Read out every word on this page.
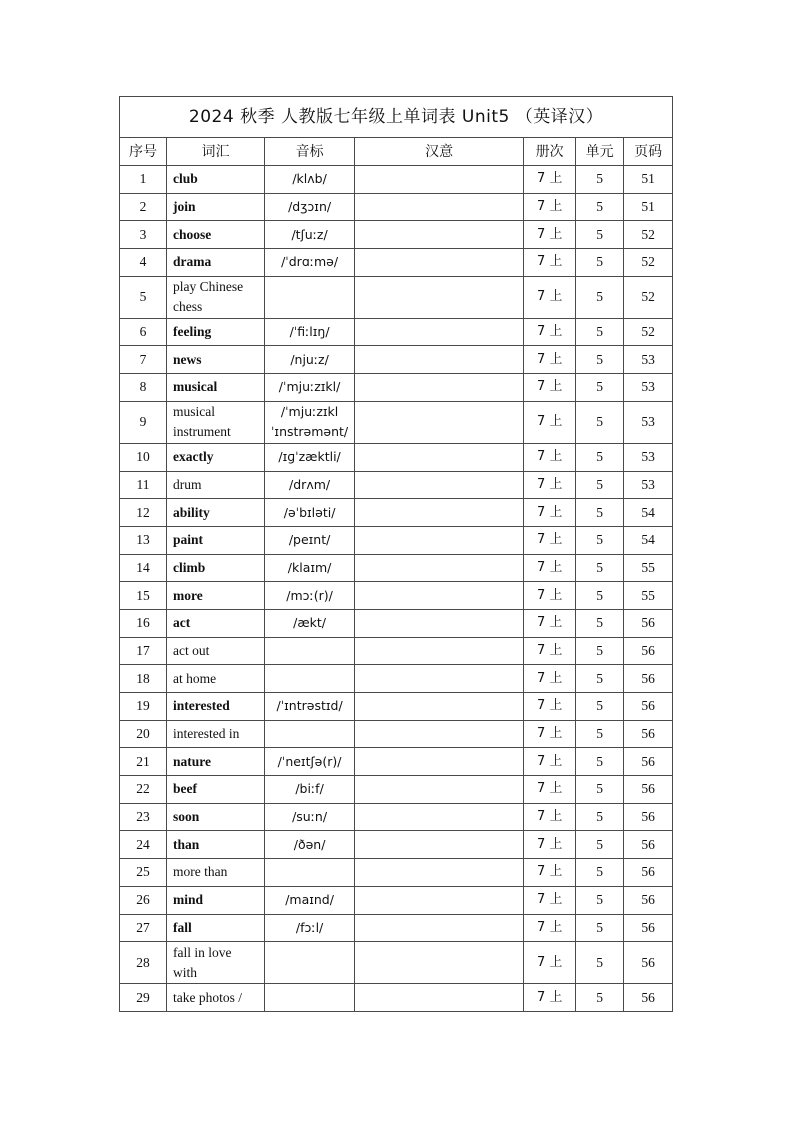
2024 秋季 人教版七年级上单词表 Unit5 （英译汉）						
序号	词汇	音标	汉意	册次	单元	页码
1	club	/klʌb/		7 上	5	51
2	join	/dʒɔɪn/		7 上	5	51
3	choose	/tʃuːz/		7 上	5	52
4	drama	/ˈdrɑːmə/		7 上	5	52
5	play Chinese chess			7 上	5	52
6	feeling	/ˈfiːlɪŋ/		7 上	5	52
7	news	/njuːz/		7 上	5	53
8	musical	/ˈmjuːzɪkl/		7 上	5	53
9	musical instrument	/ˈmjuːzɪkl ˈɪnstrəmənt/		7 上	5	53
10	exactly	/ɪɡˈzæktli/		7 上	5	53
11	drum	/drʌm/		7 上	5	53
12	ability	/əˈbɪləti/		7 上	5	54
13	paint	/peɪnt/		7 上	5	54
14	climb	/klaɪm/		7 上	5	55
15	more	/mɔː(r)/		7 上	5	55
16	act	/ækt/		7 上	5	56
17	act out			7 上	5	56
18	at home			7 上	5	56
19	interested	/ˈɪntrəstɪd/		7 上	5	56
20	interested in			7 上	5	56
21	nature	/ˈneɪtʃə(r)/		7 上	5	56
22	beef	/biːf/		7 上	5	56
23	soon	/suːn/		7 上	5	56
24	than	/ðən/		7 上	5	56
25	more than			7 上	5	56
26	mind	/maɪnd/		7 上	5	56
27	fall	/fɔːl/		7 上	5	56
28	fall in love with			7 上	5	56
29	take photos /			7 上	5	56
